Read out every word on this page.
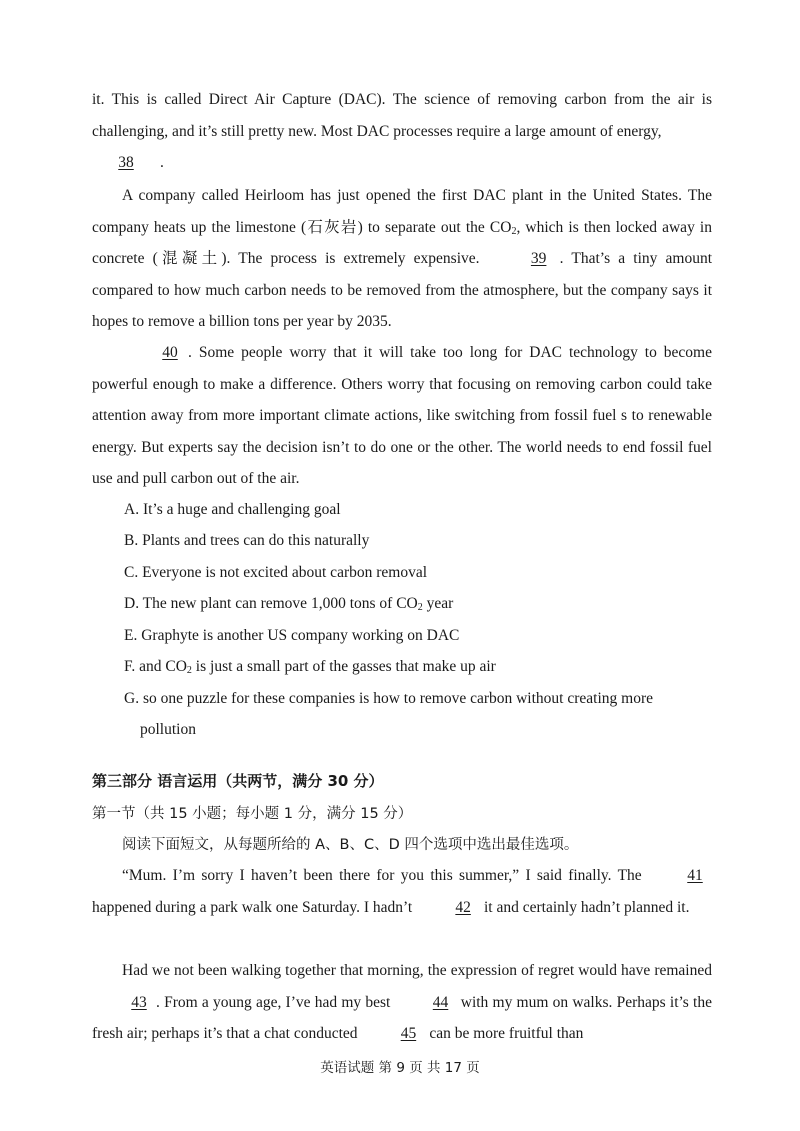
it. This is called Direct Air Capture (DAC). The science of removing carbon from the air is challenging, and it’s still pretty new. Most DAC processes require a large amount of energy,
38 .

A company called Heirloom has just opened the first DAC plant in the United States. The company heats up the limestone (石灰岩) to separate out the $CO_2$, which is then locked away in concrete (混凝土). The process is extremely expensive.	39 . That’s a tiny amount compared to how much carbon needs to be removed from the atmosphere, but the company says it hopes to remove a billion tons per year by 2035.

40 . Some people worry that it will take too long for DAC technology to become powerful enough to make a difference. Others worry that focusing on removing carbon could take attention away from more important climate actions, like switching from fossil fuel s to renewable energy. But experts say the decision isn’t to do one or the other. The world needs to end fossil fuel use and pull carbon out of the air.

A. It’s a huge and challenging goal

B. Plants and trees can do this naturally

C. Everyone is not excited about carbon removal

D. The new plant can remove 1,000 tons of $CO_2$ year

E. Graphyte is another US company working on DAC

F. and $CO_2$ is just a small part of the gasses that make up air

G. so one puzzle for these companies is how to remove carbon without creating more

pollution

第三部分 语言运用（共两节，满分 30 分）

第一节（共 15 小题；每小题 1 分，满分 15 分）

阅读下面短文，从每题所给的 A、B、C、D 四个选项中选出最佳选项。

“Mum. I’m sorry I haven’t been there for you this summer,” I said finally. The	41 happened during a park walk one Saturday. I hadn’t	42 it and certainly hadn’t planned it.

Had we not been walking together that morning, the expression of regret would have remained 43 . From a young age, I’ve had my best	44 with my mum on walks. Perhaps it’s the fresh air; perhaps it’s that a chat conducted	45 can be more fruitful than

英语试题 第 9 页 共 17 页
